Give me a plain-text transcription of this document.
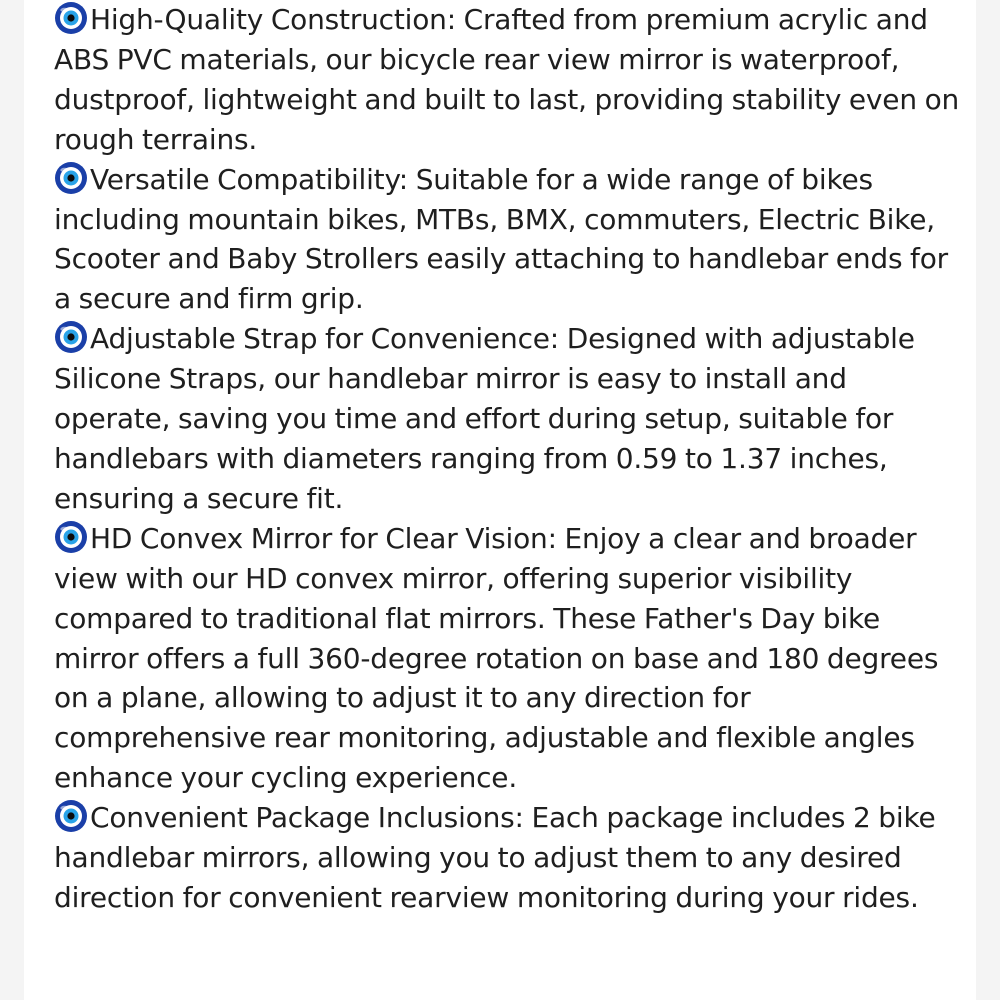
High-Quality Construction: Crafted from premium acrylic and ABS PVC materials, our bicycle rear view mirror is waterproof, dustproof, lightweight and built to last, providing stability even on rough terrains.

Versatile Compatibility: Suitable for a wide range of bikes including mountain bikes, MTBs, BMX, commuters, Electric Bike, Scooter and Baby Strollers easily attaching to handlebar ends for a secure and firm grip.

Adjustable Strap for Convenience: Designed with adjustable Silicone Straps, our handlebar mirror is easy to install and operate, saving you time and effort during setup, suitable for handlebars with diameters ranging from 0.59 to 1.37 inches, ensuring a secure fit.

HD Convex Mirror for Clear Vision: Enjoy a clear and broader view with our HD convex mirror, offering superior visibility compared to traditional flat mirrors. These Father's Day bike mirror offers a full 360-degree rotation on base and 180 degrees on a plane, allowing to adjust it to any direction for comprehensive rear monitoring, adjustable and flexible angles enhance your cycling experience.

Convenient Package Inclusions: Each package includes 2 bike handlebar mirrors, allowing you to adjust them to any desired direction for convenient rearview monitoring during your rides.
